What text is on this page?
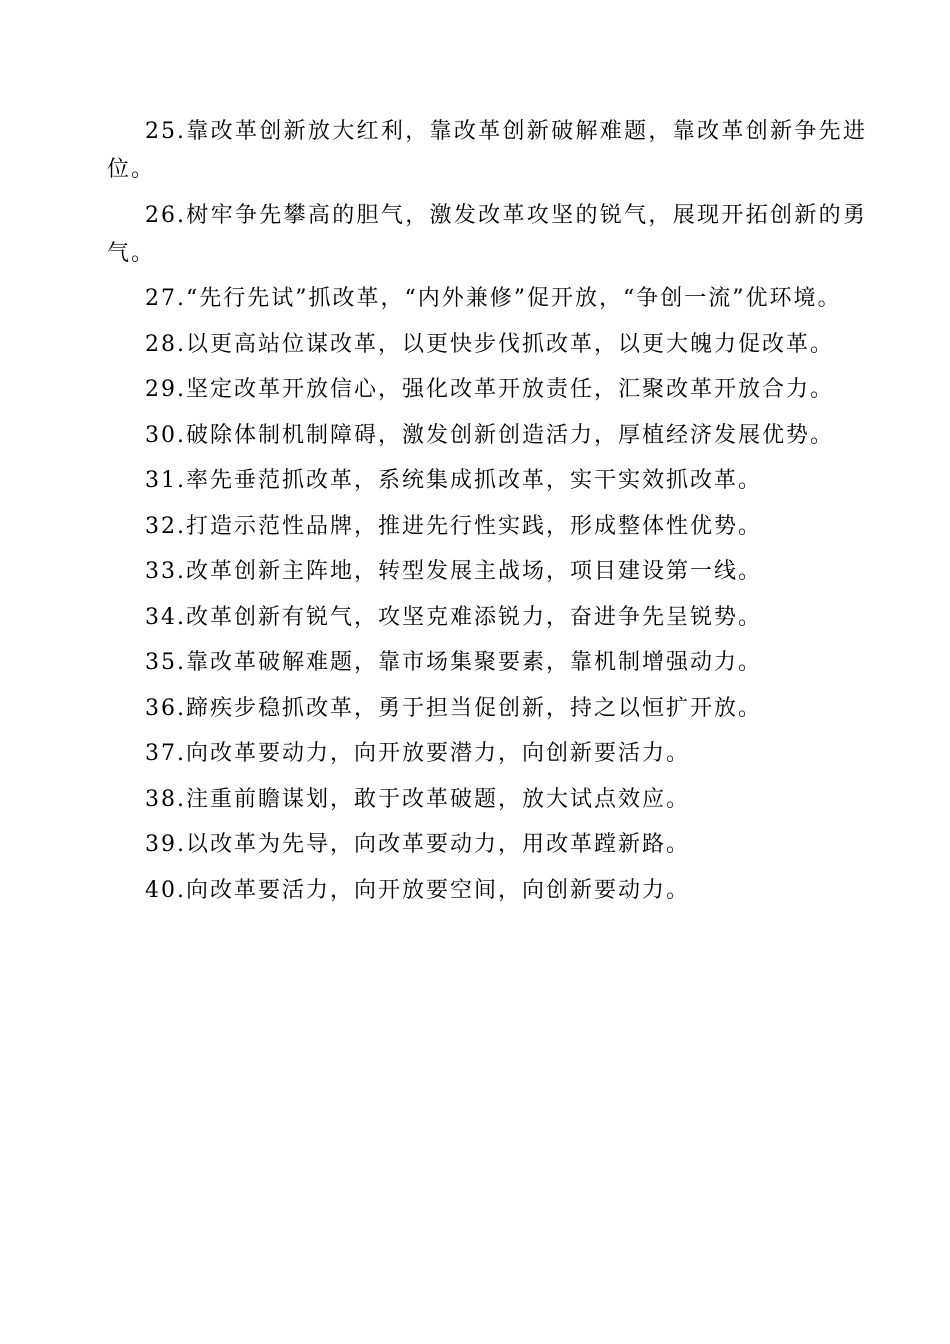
25.靠改革创新放大红利，靠改革创新破解难题，靠改革创新争先进位。

26.树牢争先攀高的胆气，激发改革攻坚的锐气，展现开拓创新的勇气。

27.“先行先试”抓改革，“内外兼修”促开放，“争创一流”优环境。

28.以更高站位谋改革，以更快步伐抓改革，以更大魄力促改革。

29.坚定改革开放信心，强化改革开放责任，汇聚改革开放合力。

30.破除体制机制障碍，激发创新创造活力，厚植经济发展优势。

31.率先垂范抓改革，系统集成抓改革，实干实效抓改革。

32.打造示范性品牌，推进先行性实践，形成整体性优势。

33.改革创新主阵地，转型发展主战场，项目建设第一线。

34.改革创新有锐气，攻坚克难添锐力，奋进争先呈锐势。

35.靠改革破解难题，靠市场集聚要素，靠机制增强动力。

36.蹄疾步稳抓改革，勇于担当促创新，持之以恒扩开放。

37.向改革要动力，向开放要潜力，向创新要活力。

38.注重前瞻谋划，敢于改革破题，放大试点效应。

39.以改革为先导，向改革要动力，用改革蹚新路。

40.向改革要活力，向开放要空间，向创新要动力。
